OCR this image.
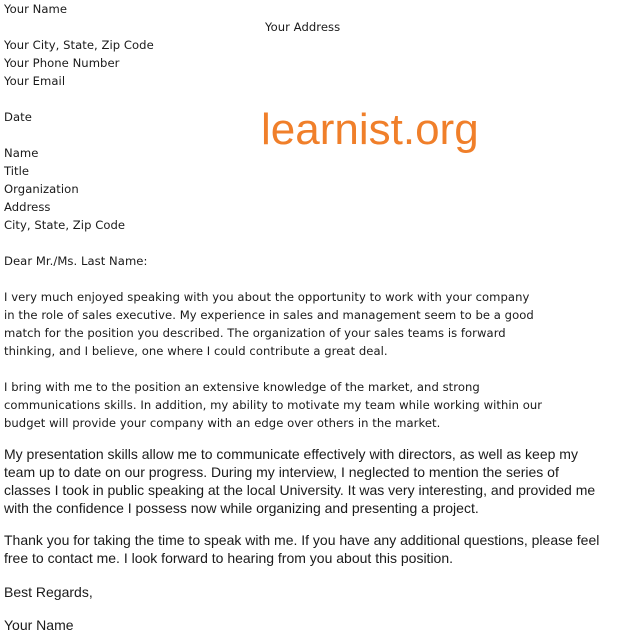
Your Name
Your Address
Your City, State, Zip Code
Your Phone Number
Your Email
Date	learnist.org
Name
Title
Organization
Address
City, State, Zip Code
Dear Mr./Ms. Last Name:
I very much enjoyed speaking with you about the opportunity to work with your company
in the role of sales executive. My experience in sales and management seem to be a good
match for the position you described. The organization of your sales teams is forward
thinking, and I believe, one where I could contribute a great deal.
I bring with me to the position an extensive knowledge of the market, and strong
communications skills. In addition, my ability to motivate my team while working within our
budget will provide your company with an edge over others in the market.
My presentation skills allow me to communicate effectively with directors, as well as keep my
team up to date on our progress. During my interview, I neglected to mention the series of
classes I took in public speaking at the local University. It was very interesting, and provided me
with the confidence I possess now while organizing and presenting a project.
Thank you for taking the time to speak with me. If you have any additional questions, please feel
free to contact me. I look forward to hearing from you about this position.
Best Regards,
Your Name
